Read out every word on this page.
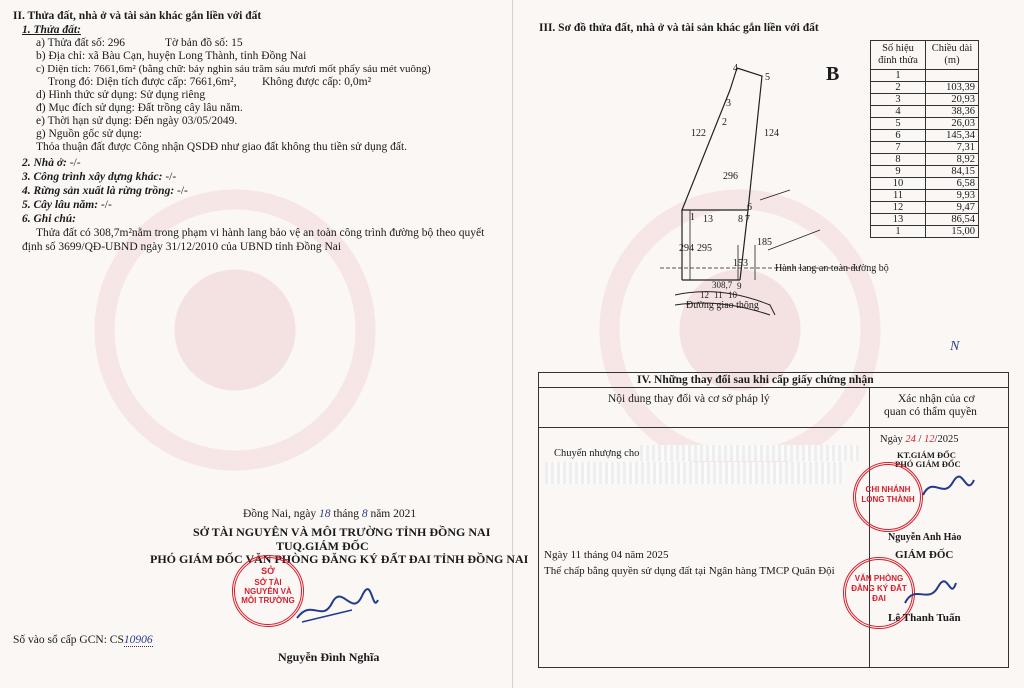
II. Thửa đất, nhà ở và tài sản khác gắn liền với đất
1. Thửa đất:
a) Thửa đất số: 296	Tờ bản đồ số: 15
b) Địa chỉ: xã Bàu Cạn, huyện Long Thành, tỉnh Đồng Nai
c) Diện tích: 7661,6m² (bằng chữ: bảy nghìn sáu trăm sáu mươi mốt phẩy sáu mét vuông)
Trong đó: Diện tích được cấp: 7661,6m², Không được cấp: 0,0m²
d) Hình thức sử dụng: Sử dụng riêng
đ) Mục đích sử dụng: Đất trồng cây lâu năm.
e) Thời hạn sử dụng: Đến ngày 03/05/2049.
g) Nguồn gốc sử dụng:
Thỏa thuận đất được Công nhận QSDĐ như giao đất không thu tiền sử dụng đất.
2. Nhà ở: -/-
3. Công trình xây dựng khác: -/-
4. Rừng sản xuất là rừng trồng: -/-
5. Cây lâu năm: -/-
6. Ghi chú:
Thửa đất có 308,7m²nằm trong phạm vi hành lang bảo vệ an toàn công trình đường bộ theo quyết
định số 3699/QĐ-UBND ngày 31/12/2010 của UBND tỉnh Đồng Nai
Đồng Nai, ngày 18 tháng 8 năm 2021
SỞ TÀI NGUYÊN VÀ MÔI TRƯỜNG TỈNH ĐỒNG NAI
TUQ.GIÁM ĐỐC
PHÓ GIÁM ĐỐC VĂN PHÒNG ĐĂNG KÝ ĐẤT ĐAI TỈNH ĐỒNG NAI
SỞ
SỞ TÀI NGUYÊN VÀ MÔI TRƯỜNG
Nguyễn Đình Nghĩa
Số vào sổ cấp GCN: CS10906
III. Sơ đồ thửa đất, nhà ở và tài sản khác gắn liền với đất
4
5
3
2
122	124
296
1 13	8 7
6
294 295
185
153	Hành lang an toàn đường bộ
308,7
12 11 10
9
Đường giao thông
B
Số hiệu đỉnh thửa	Chiều dài (m)
1	
2	103,39
3	20,93
4	38,36
5	26,03
6	145,34
7	7,31
8	8,92
9	84,15
10	6,58
11	9,93
12	9,47
13	86,54
1	15,00
IV. Những thay đổi sau khi cấp giấy chứng nhận
Nội dung thay đổi và cơ sở pháp lý	Xác nhận của cơ
quan có thẩm quyền
Chuyển nhượng cho
Ngày 24 / 12/2025
KT.GIÁM ĐỐC
PHÓ GIÁM ĐỐC
CHI NHÁNH
LONG THÀNH
Nguyễn Anh Hảo
GIÁM ĐỐC
Ngày 11 tháng 04 năm 2025
Thế chấp bằng quyền sử dụng đất tại Ngân hàng TMCP Quân Đội
VĂN PHÒNG ĐĂNG KÝ ĐẤT ĐAI
Lê Thanh Tuấn
N
